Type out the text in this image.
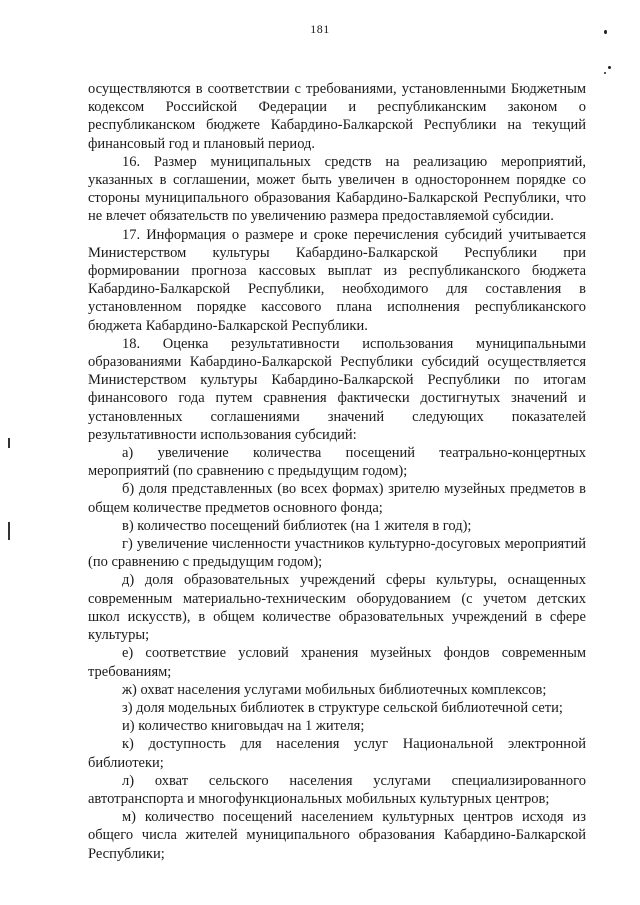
181

осуществляются в соответствии с требованиями, установленными Бюджетным кодексом Российской Федерации и республиканским законом о республиканском бюджете Кабардино-Балкарской Республики на текущий финансовый год и плановый период.

16. Размер муниципальных средств на реализацию мероприятий, указанных в соглашении, может быть увеличен в одностороннем порядке со стороны муниципального образования Кабардино-Балкарской Республики, что не влечет обязательств по увеличению размера предоставляемой субсидии.

17. Информация о размере и сроке перечисления субсидий учитывается Министерством культуры Кабардино-Балкарской Республики при формировании прогноза кассовых выплат из республиканского бюджета Кабардино-Балкарской Республики, необходимого для составления в установленном порядке кассового плана исполнения республиканского бюджета Кабардино-Балкарской Республики.

18. Оценка результативности использования муниципальными образованиями Кабардино-Балкарской Республики субсидий осуществляется Министерством культуры Кабардино-Балкарской Республики по итогам финансового года путем сравнения фактически достигнутых значений и установленных соглашениями значений следующих показателей результативности использования субсидий:

а) увеличение количества посещений театрально-концертных мероприятий (по сравнению с предыдущим годом);

б) доля представленных (во всех формах) зрителю музейных предметов в общем количестве предметов основного фонда;

в) количество посещений библиотек (на 1 жителя в год);

г) увеличение численности участников культурно-досуговых мероприятий (по сравнению с предыдущим годом);

д) доля образовательных учреждений сферы культуры, оснащенных современным материально-техническим оборудованием (с учетом детских школ искусств), в общем количестве образовательных учреждений в сфере культуры;

е) соответствие условий хранения музейных фондов современным требованиям;

ж) охват населения услугами мобильных библиотечных комплексов;

з) доля модельных библиотек в структуре сельской библиотечной сети;

и) количество книговыдач на 1 жителя;

к) доступность для населения услуг Национальной электронной библиотеки;

л) охват сельского населения услугами специализированного автотранспорта и многофункциональных мобильных культурных центров;

м) количество посещений населением культурных центров исходя из общего числа жителей муниципального образования Кабардино-Балкарской Республики;
